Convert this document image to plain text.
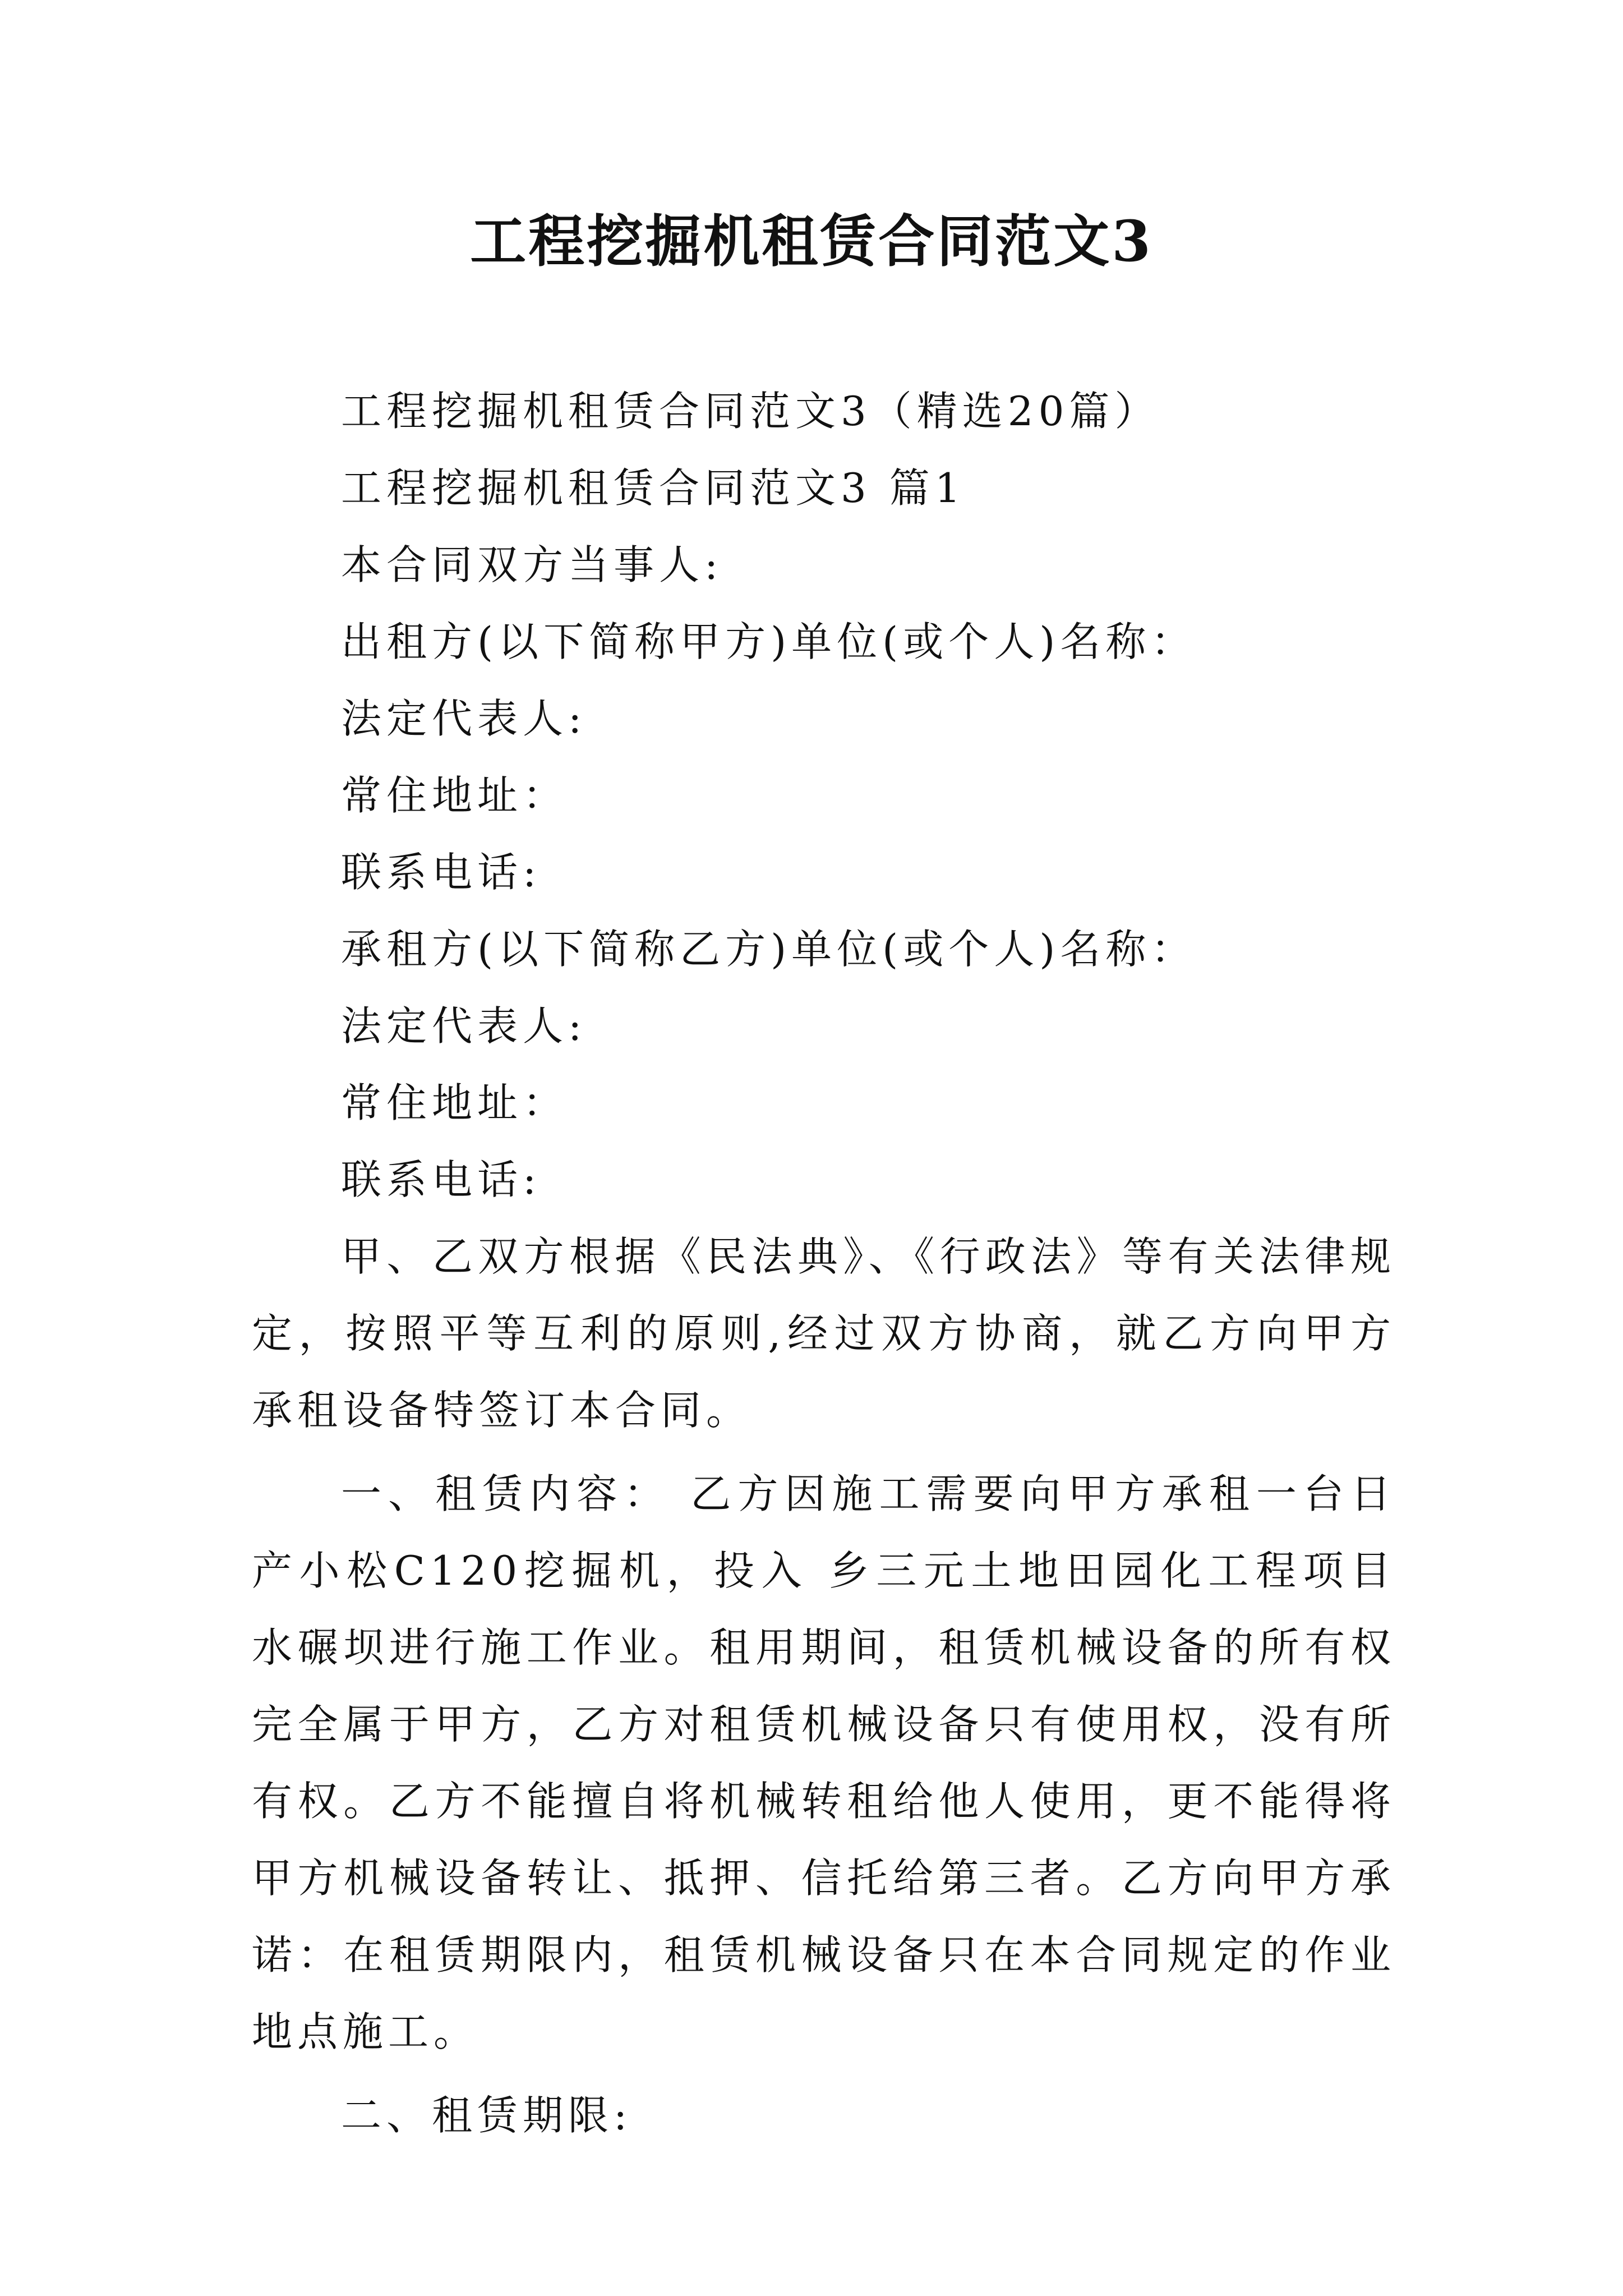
工程挖掘机租赁合同范文3

工程挖掘机租赁合同范文3（精选20篇）

工程挖掘机租赁合同范文3 篇1

本合同双方当事人:

出租方(以下简称甲方)单位(或个人)名称：

法定代表人:

常住地址：

联系电话:

承租方(以下简称乙方)单位(或个人)名称：

法定代表人:

常住地址：

联系电话:

甲、乙双方根据《民法典》、《行政法》等有关法律规定，按照平等互利的原则,经过双方协商，就乙方向甲方承租设备特签订本合同。

一、租赁内容： 乙方因施工需要向甲方承租一台日产小松C120挖掘机，投入 乡三元土地田园化工程项目水碾坝进行施工作业。租用期间，租赁机械设备的所有权完全属于甲方，乙方对租赁机械设备只有使用权，没有所有权。乙方不能擅自将机械转租给他人使用，更不能得将甲方机械设备转让、抵押、信托给第三者。乙方向甲方承诺：在租赁期限内，租赁机械设备只在本合同规定的作业地点施工。

二、租赁期限:
